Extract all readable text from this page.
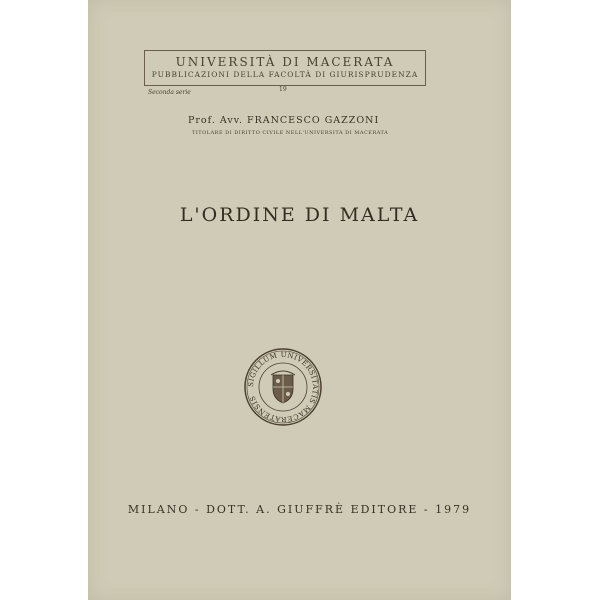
UNIVERSITÀ DI MACERATA
PUBBLICAZIONI DELLA FACOLTÀ DI GIURISPRUDENZA
19
Seconda serie
Prof. Avv. FRANCESCO GAZZONI
TITOLARE DI DIRITTO CIVILE NELL'UNIVERSITÀ DI MACERATA
L'ORDINE DI MALTA
SIGILLUM UNIVERSITATIS MACERATENSIS
MILANO - DOTT. A. GIUFFRÈ EDITORE - 1979
